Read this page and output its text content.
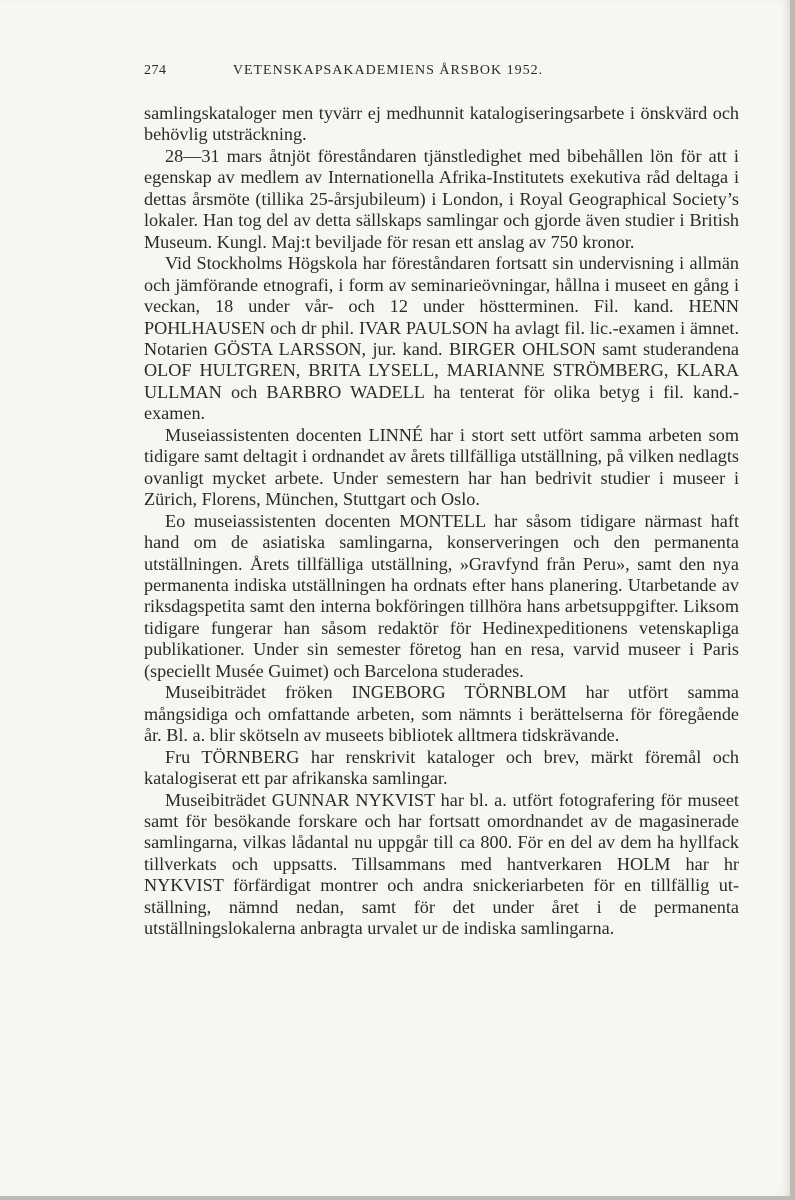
274	VETENSKAPSAKADEMIENS ÅRSBOK 1952.

samlingskataloger men tyvärr ej medhunnit katalogiseringsarbete i önskvärd och behövlig utsträckning.

28—31 mars åtnjöt föreståndaren tjänstledighet med bibehållen lön för att i egenskap av medlem av Internationella Afrika-Institutets exekutiva råd deltaga i dettas årsmöte (tillika 25-årsjubileum) i London, i Royal Geographical Society’s lokaler. Han tog del av detta sällskaps samlingar och gjorde även studier i British Museum. Kungl. Maj:t beviljade för resan ett anslag av 750 kronor.

Vid Stockholms Högskola har föreståndaren fortsatt sin undervisning i allmän och jämförande etnografi, i form av seminarieövningar, hållna i museet en gång i veckan, 18 under vår- och 12 under höstterminen. Fil. kand. HENN POHLHAUSEN och dr phil. IVAR PAULSON ha avlagt fil. lic.-examen i ämnet. Notarien GÖSTA LARSSON, jur. kand. BIRGER OHLSON samt studerandena OLOF HULTGREN, BRITA LYSELL, MARIANNE STRÖMBERG, KLARA ULLMAN och BARBRO WADELL ha tenterat för olika betyg i fil. kand.-examen.

Museiassistenten docenten LINNÉ har i stort sett utfört samma arbeten som tidigare samt deltagit i ordnandet av årets tillfälliga utställning, på vilken nedlagts ovanligt mycket arbete. Under semestern har han bedrivit studier i museer i Zürich, Florens, München, Stuttgart och Oslo.

Eo museiassistenten docenten MONTELL har såsom tidigare närmast haft hand om de asiatiska samlingarna, konserveringen och den permanenta utställningen. Årets tillfälliga utställning, »Gravfynd från Peru», samt den nya permanenta indiska utställningen ha ordnats efter hans planering. Utarbetande av riksdagspetita samt den interna bokföringen tillhöra hans arbetsuppgifter. Liksom tidigare fungerar han såsom redaktör för Hedinexpeditionens vetenskapliga publikationer. Under sin semester företog han en resa, varvid museer i Paris (speciellt Musée Guimet) och Barcelona studerades.

Museibiträdet fröken INGEBORG TÖRNBLOM har utfört samma mångsidiga och omfattande arbeten, som nämnts i berättelserna för föregående år. Bl. a. blir skötseln av museets bibliotek alltmera tidskrävande.

Fru TÖRNBERG har renskrivit kataloger och brev, märkt föremål och katalogiserat ett par afrikanska samlingar.

Museibiträdet GUNNAR NYKVIST har bl. a. utfört fotografering för museet samt för besökande forskare och har fortsatt omordnandet av de magasinerade samlingarna, vilkas lådantal nu uppgår till ca 800. För en del av dem ha hyllfack tillverkats och uppsatts. Tillsammans med hantverkaren HOLM har hr NYKVIST förfärdigat montrer och andra snickeriarbeten för en tillfällig utställning, nämnd nedan, samt för det under året i de permanenta utställningslokalerna anbragta urvalet ur de indiska samlingarna.
